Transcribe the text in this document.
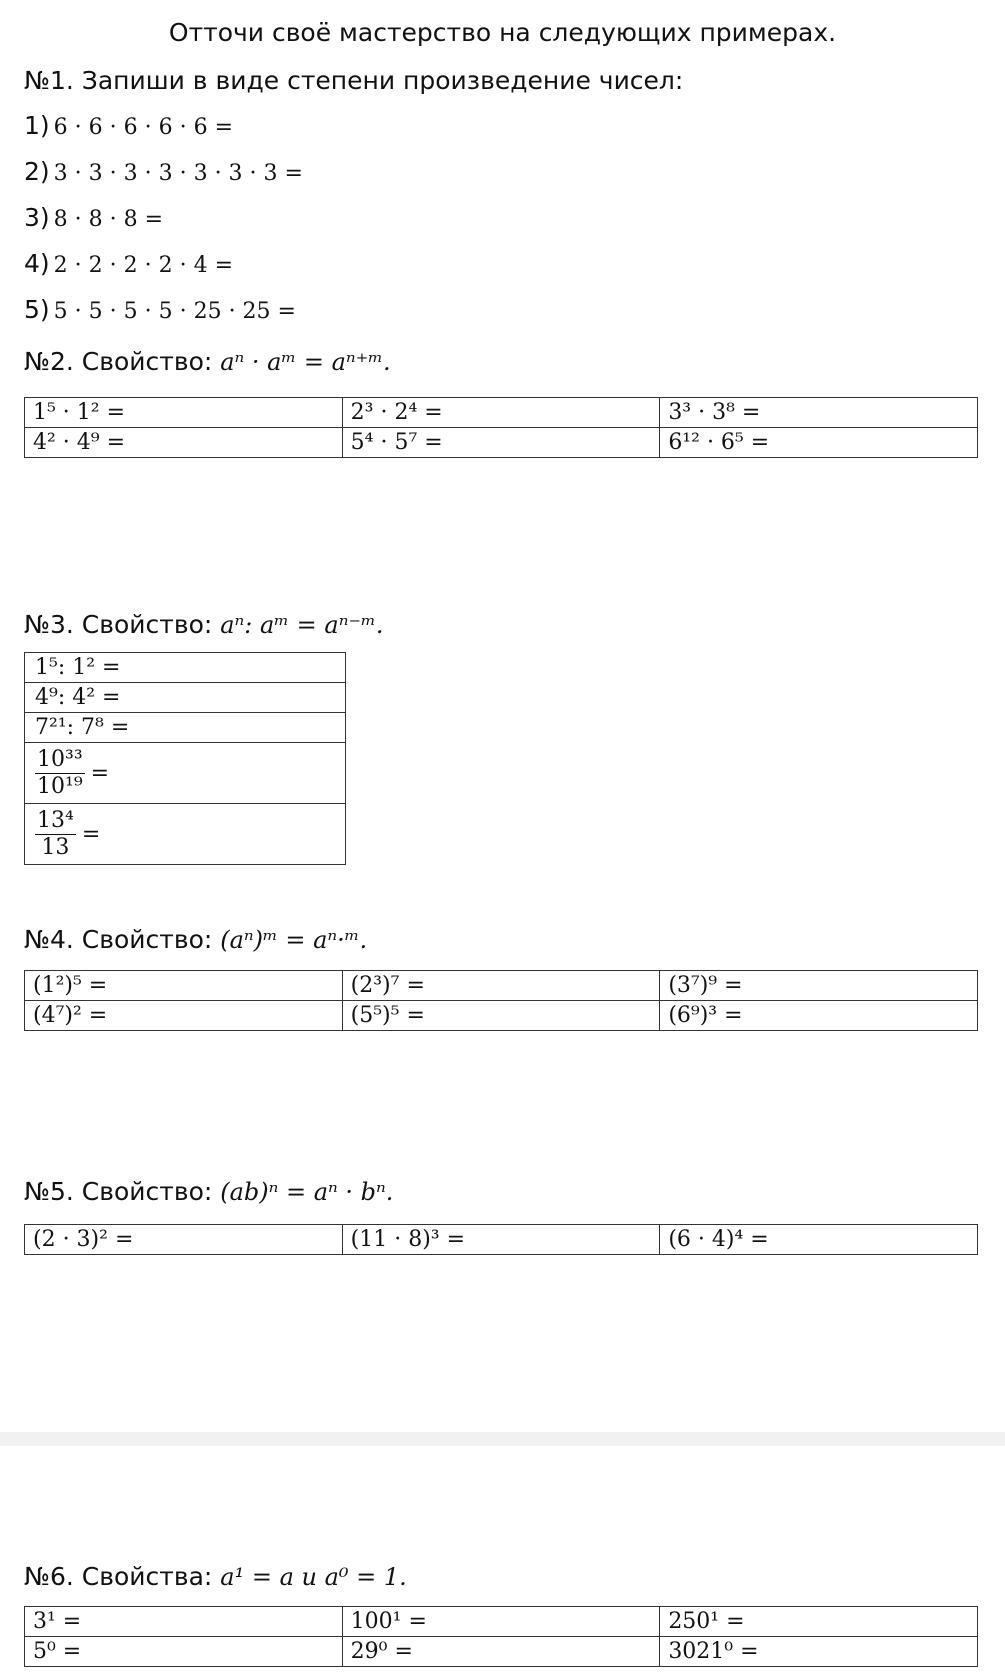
Отточи своё мастерство на следующих примерах.
№1. Запиши в виде степени произведение чисел:
1) 6 · 6 · 6 · 6 · 6 =
2) 3 · 3 · 3 · 3 · 3 · 3 · 3 =
3) 8 · 8 · 8 =
4) 2 · 2 · 2 · 2 · 4 =
5) 5 · 5 · 5 · 5 · 25 · 25 =
№2. Свойство: aⁿ · aᵐ = aⁿ⁺ᵐ.
1⁵ · 1² =	2³ · 2⁴ =	3³ · 3⁸ =
4² · 4⁹ =	5⁴ · 5⁷ =	6¹² · 6⁵ =
№3. Свойство: aⁿ: aᵐ = aⁿ⁻ᵐ.
1⁵: 1² =
4⁹: 4² =
7²¹: 7⁸ =

$\frac{\text{10³³}}{\text{10¹⁹}}$ =

$\frac{\text{13⁴}}{13}$ =
№4. Свойство: (aⁿ)ᵐ = aⁿ·ᵐ.
(1²)⁵ =	(2³)⁷ =	(3⁷)⁹ =
(4⁷)² =	(5⁵)⁵ =	(6⁹)³ =
№5. Свойство: (ab)ⁿ = aⁿ · bⁿ.
(2 · 3)² =	(11 · 8)³ =	(6 · 4)⁴ =
№6. Свойства: a¹ = a и a⁰ = 1.
3¹ =	100¹ =	250¹ =
5⁰ =	29⁰ =	3021⁰ =
